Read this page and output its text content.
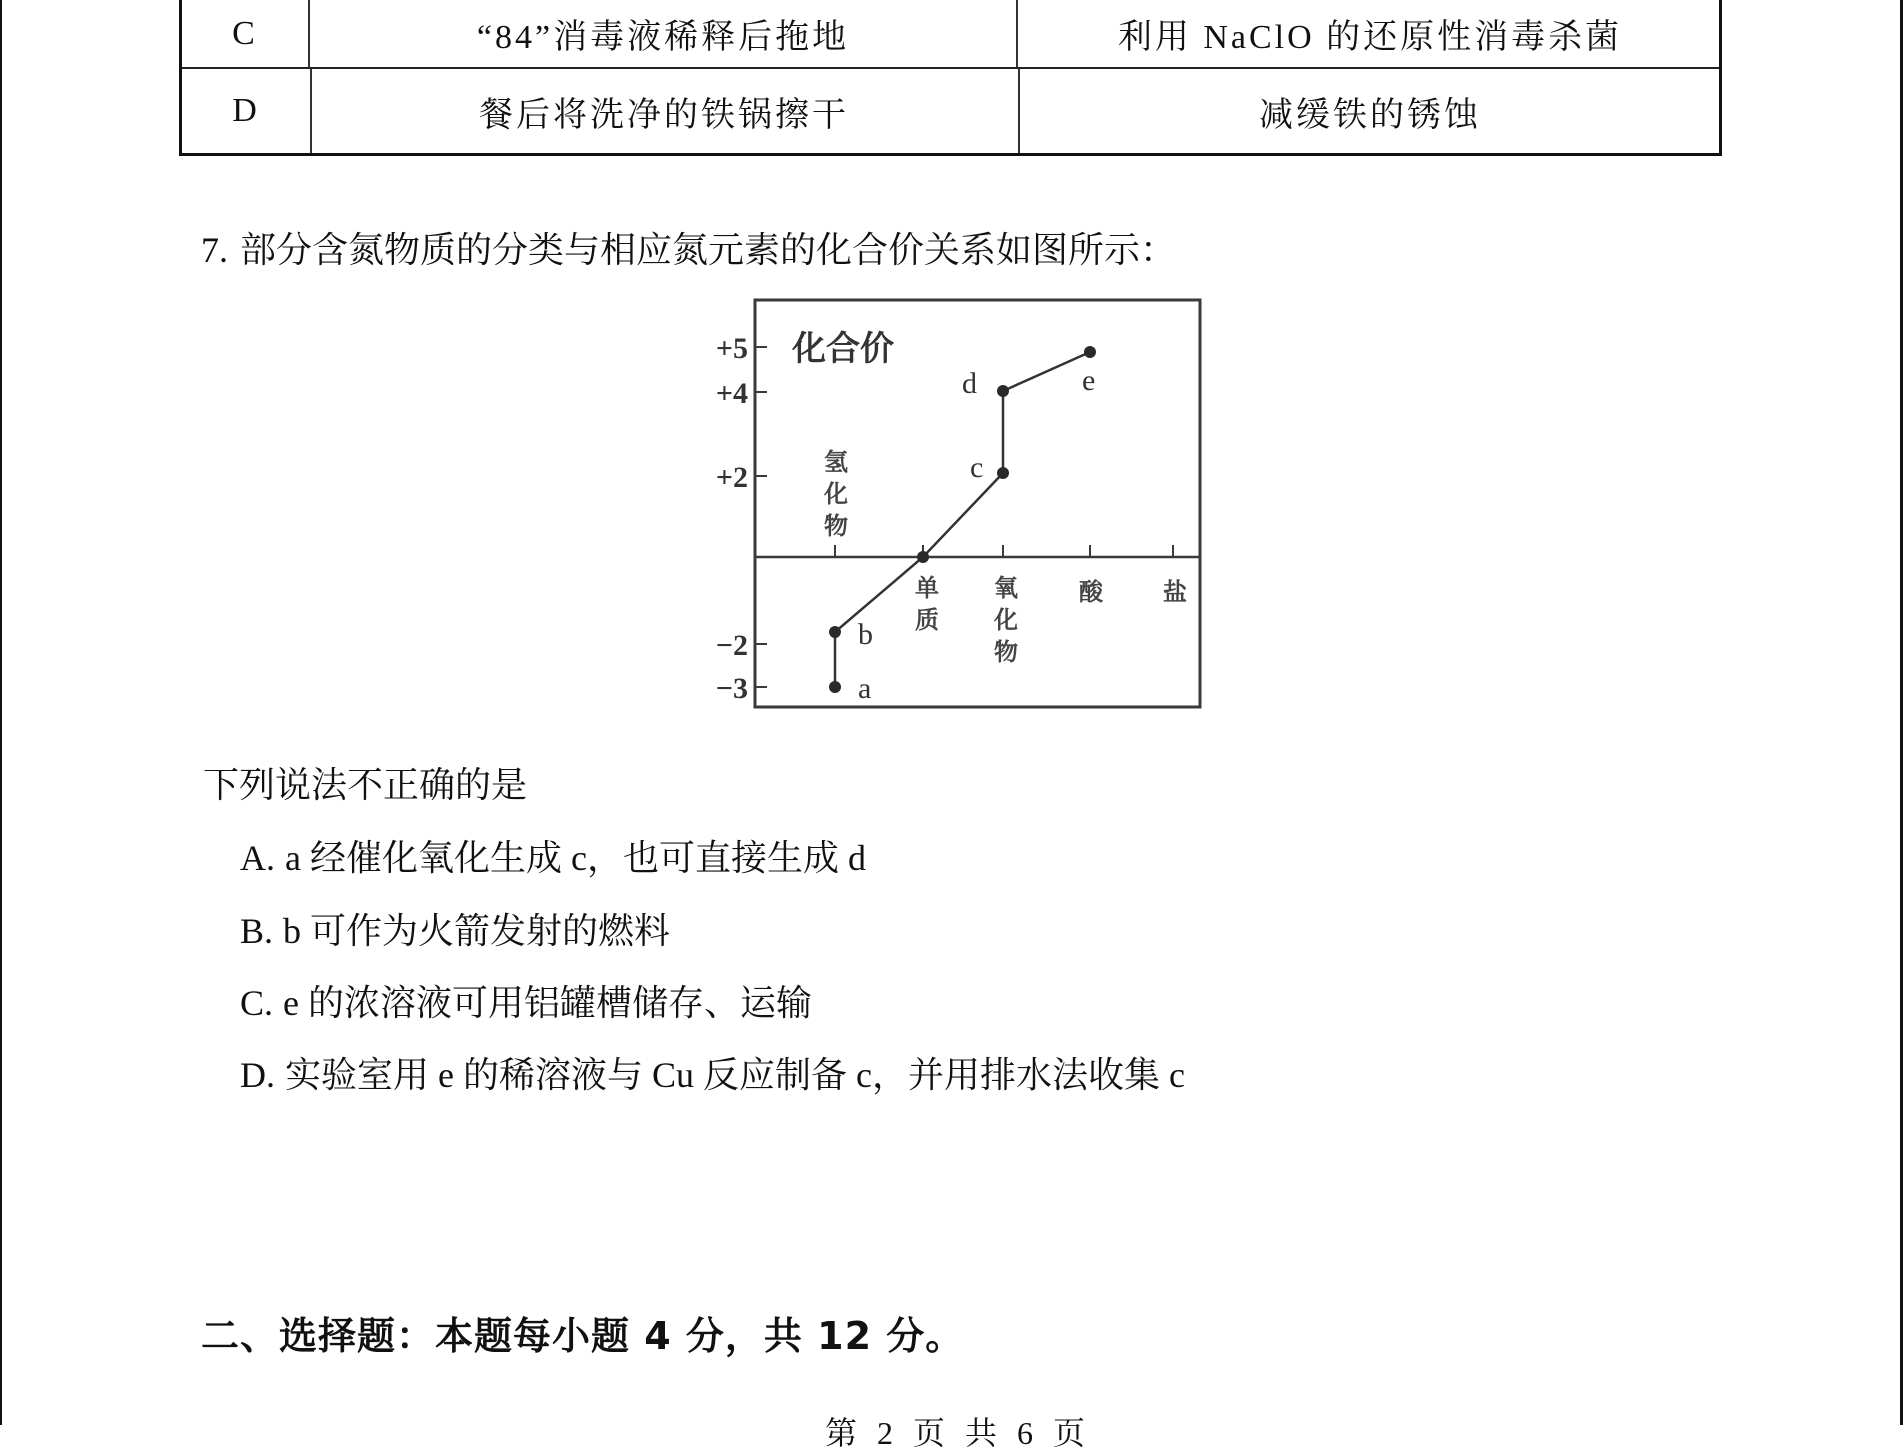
C	“84”消毒液稀释后拖地	利用 NaClO 的还原性消毒杀菌
D	餐后将洗净的铁锅擦干	减缓铁的锈蚀
7. 部分含氮物质的分类与相应氮元素的化合价关系如图所示：
+5
+4
+2
−2
−3
化合价
a
b
c
d	e
氢
化
物
单
质
氧
化
物
酸	盐
下列说法不正确的是
A. a 经催化氧化生成 c，也可直接生成 d
B. b 可作为火箭发射的燃料
C. e 的浓溶液可用铝罐槽储存、运输
D. 实验室用 e 的稀溶液与 Cu 反应制备 c，并用排水法收集 c
二、选择题：本题每小题 4 分，共 12 分。
第 2 页 共 6 页
